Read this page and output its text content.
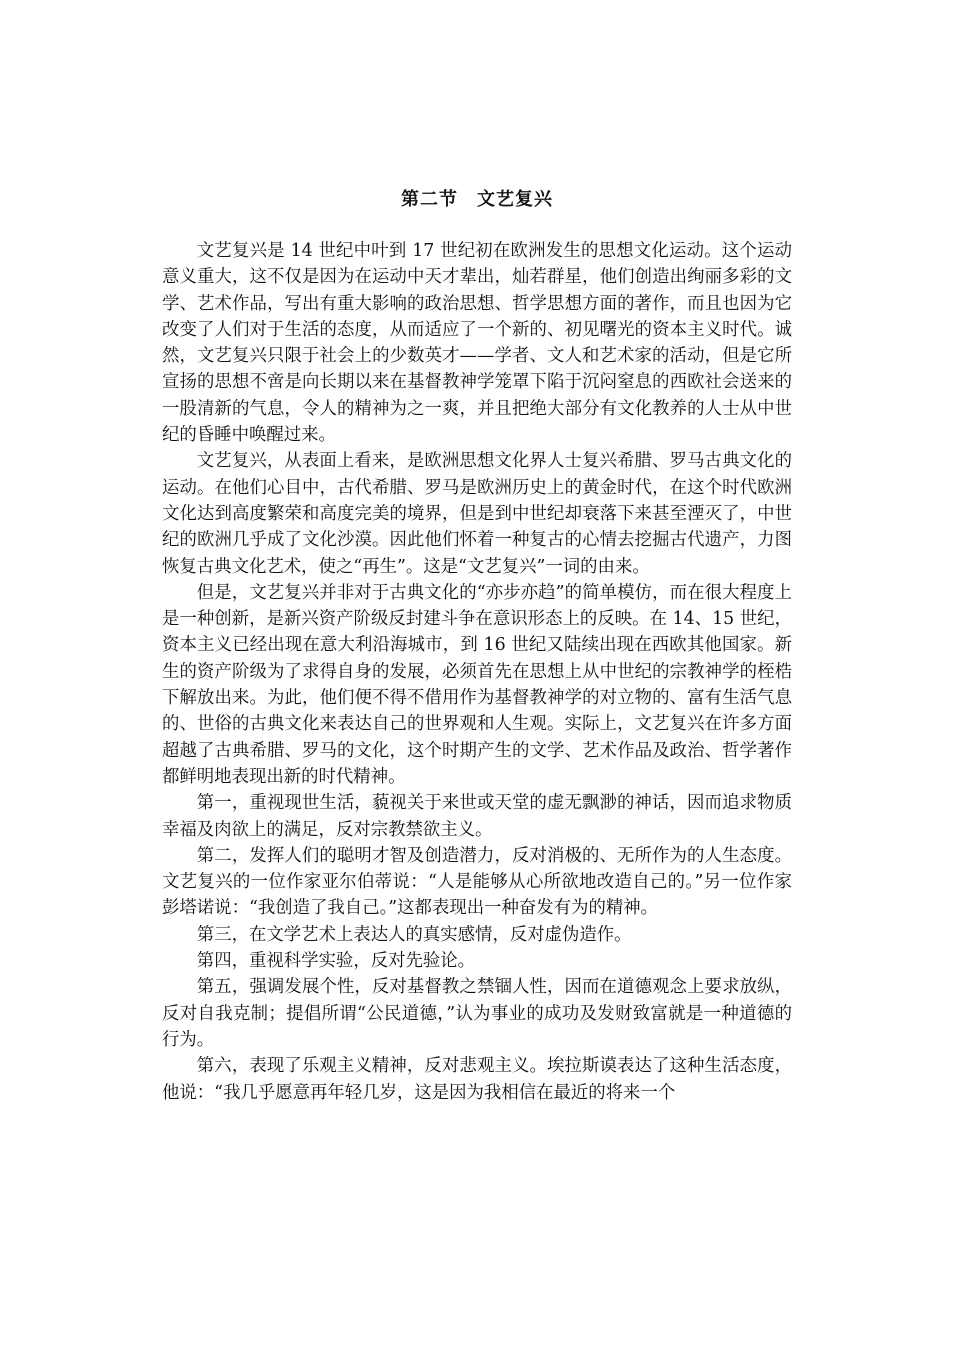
第二节　文艺复兴

文艺复兴是 14 世纪中叶到 17 世纪初在欧洲发生的思想文化运动。这个运动意义重大，这不仅是因为在运动中天才辈出，灿若群星，他们创造出绚丽多彩的文学、艺术作品，写出有重大影响的政治思想、哲学思想方面的著作，而且也因为它改变了人们对于生活的态度，从而适应了一个新的、初见曙光的资本主义时代。诚然，文艺复兴只限于社会上的少数英才——学者、文人和艺术家的活动，但是它所宣扬的思想不啻是向长期以来在基督教神学笼罩下陷于沉闷窒息的西欧社会送来的一股清新的气息，令人的精神为之一爽，并且把绝大部分有文化教养的人士从中世纪的昏睡中唤醒过来。

文艺复兴，从表面上看来，是欧洲思想文化界人士复兴希腊、罗马古典文化的运动。在他们心目中，古代希腊、罗马是欧洲历史上的黄金时代，在这个时代欧洲文化达到高度繁荣和高度完美的境界，但是到中世纪却衰落下来甚至湮灭了，中世纪的欧洲几乎成了文化沙漠。因此他们怀着一种复古的心情去挖掘古代遗产，力图恢复古典文化艺术，使之“再生”。这是“文艺复兴”一词的由来。

但是，文艺复兴并非对于古典文化的“亦步亦趋”的简单模仿，而在很大程度上是一种创新，是新兴资产阶级反封建斗争在意识形态上的反映。在 14、15 世纪，资本主义已经出现在意大利沿海城市，到 16 世纪又陆续出现在西欧其他国家。新生的资产阶级为了求得自身的发展，必须首先在思想上从中世纪的宗教神学的桎梏下解放出来。为此，他们便不得不借用作为基督教神学的对立物的、富有生活气息的、世俗的古典文化来表达自己的世界观和人生观。实际上，文艺复兴在许多方面超越了古典希腊、罗马的文化，这个时期产生的文学、艺术作品及政治、哲学著作都鲜明地表现出新的时代精神。

第一，重视现世生活，藐视关于来世或天堂的虚无飘渺的神话，因而追求物质幸福及肉欲上的满足，反对宗教禁欲主义。

第二，发挥人们的聪明才智及创造潜力，反对消极的、无所作为的人生态度。文艺复兴的一位作家亚尔伯蒂说：“人是能够从心所欲地改造自己的。”另一位作家彭塔诺说：“我创造了我自己。”这都表现出一种奋发有为的精神。

第三，在文学艺术上表达人的真实感情，反对虚伪造作。

第四，重视科学实验，反对先验论。

第五，强调发展个性，反对基督教之禁锢人性，因而在道德观念上要求放纵，反对自我克制；提倡所谓“公民道德，”认为事业的成功及发财致富就是一种道德的行为。

第六，表现了乐观主义精神，反对悲观主义。埃拉斯谟表达了这种生活态度，他说：“我几乎愿意再年轻几岁，这是因为我相信在最近的将来一个
